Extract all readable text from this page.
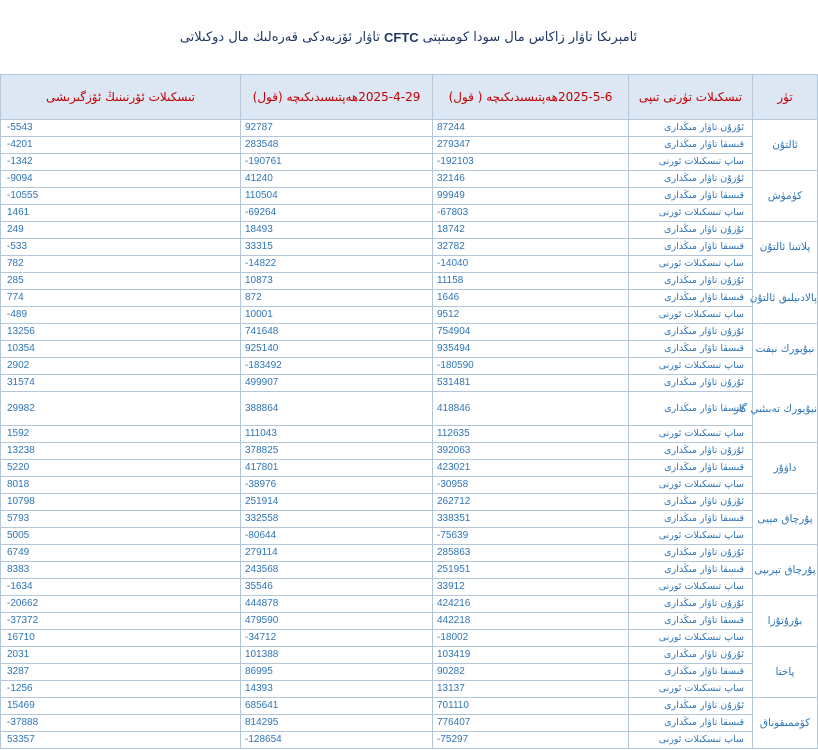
ئامېرىكا تاۋار زاكاس مال سودا كومىتېتى
CFTC
تاۋار ئۆزبەدكى قەرەلىك مال دوكىلاتى
تىسكىلات ئۆرنىنىڭ ئۆزگىرىشى	2025-4-29ھەپتىسىدىكىچە (قول)	2025-5-6ھەپتىسىدىكىچە ( قول)	تىسكىلات تۈرنى تىپى	تۈر
-5543	92787	87244	ئۇزۇن تاۋار مىڭدارى	ئالتۇن
-4201	283548	279347	قىسقا تاۋار مىڭدارى	
-1342	-190761	-192103	ساپ تىسكىلات ئورنى	
-9094	41240	32146	ئۇزۇن تاۋار مىڭدارى	كۈمۈش
-10555	110504	99949	قىسقا تاۋار مىڭدارى	
1461	-69264	-67803	ساپ تىسكىلات ئورنى	
249	18493	18742	ئۇزۇن تاۋار مىڭدارى	پلاتىنا ئالتۇن
-533	33315	32782	قىسقا تاۋار مىڭدارى	
782	-14822	-14040	ساپ تىسكىلات ئورنى	
285	10873	11158	ئۇزۇن تاۋار مىڭدارى	پالادىيلىق ئالتۇن
774	872	1646	قىسقا تاۋار مىڭدارى	
-489	10001	9512	ساپ تىسكىلات ئورنى	
13256	741648	754904	ئۇزۇن تاۋار مىڭدارى	نيۇيورك نېفت
10354	925140	935494	قىسقا تاۋار مىڭدارى	
2902	-183492	-180590	ساپ تىسكىلات ئورنى	
31574	499907	531481	ئۇزۇن تاۋار مىڭدارى	نيۇيورك تەبىئىي گاز
29982	388864	418846	قىسقا تاۋار مىڭدارى	
1592	111043	112635	ساپ تىسكىلات ئورنى	
13238	378825	392063	ئۇزۇن تاۋار مىڭدارى	داۋۇر
5220	417801	423021	قىسقا تاۋار مىڭدارى	
8018	-38976	-30958	ساپ تىسكىلات ئورنى	
10798	251914	262712	ئۇزۇن تاۋار مىڭدارى	پۇرچاق مېيى
5793	332558	338351	قىسقا تاۋار مىڭدارى	
5005	-80644	-75639	ساپ تىسكىلات ئورنى	
6749	279114	285863	ئۇزۇن تاۋار مىڭدارى	پۇرچاق تېرىپى
8383	243568	251951	قىسقا تاۋار مىڭدارى	
-1634	35546	33912	ساپ تىسكىلات ئورنى	
-20662	444878	424216	ئۇزۇن تاۋار مىڭدارى	بۇرۇتۇزا
-37372	479590	442218	قىسقا تاۋار مىڭدارى	
16710	-34712	-18002	ساپ تىسكىلات ئورنى	
2031	101388	103419	ئۇزۇن تاۋار مىڭدارى	پاختا
3287	86995	90282	قىسقا تاۋار مىڭدارى	
-1256	14393	13137	ساپ تىسكىلات ئورنى	
15469	685641	701110	ئۇزۇن تاۋار مىڭدارى	كۆممىقوناق
-37888	814295	776407	قىسقا تاۋار مىڭدارى	
53357	-128654	-75297	ساپ تىسكىلات ئورنى	
